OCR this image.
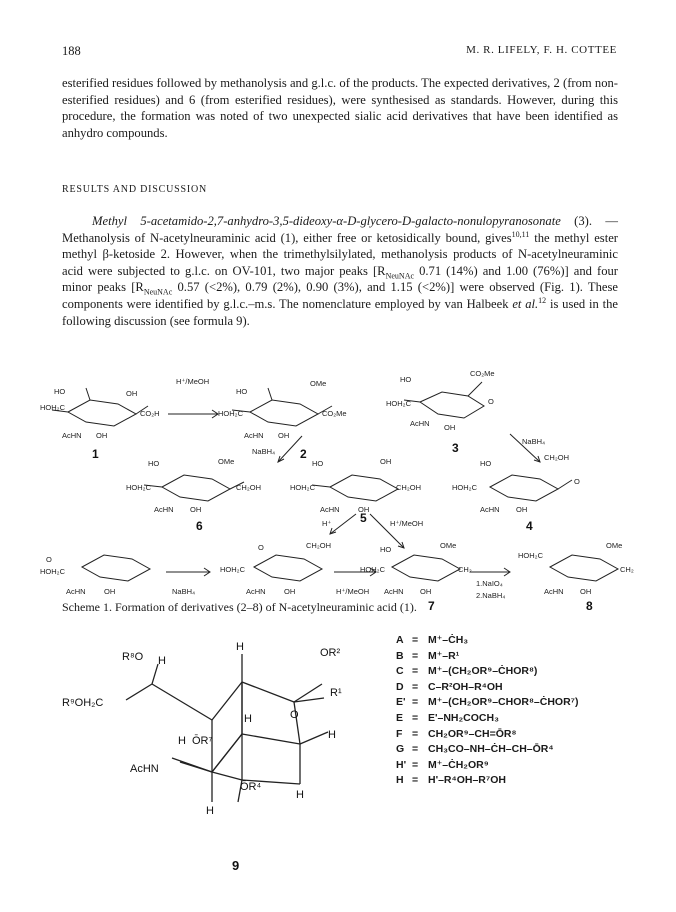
188	M. R. LIFELY, F. H. COTTEE

esterified residues followed by methanolysis and g.l.c. of the products. The expected derivatives, 2 (from non-esterified residues) and 6 (from esterified residues), were synthesised as standards. However, during this procedure, the formation was noted of two unexpected sialic acid derivatives that have been identified as anhydro compounds.

RESULTS AND DISCUSSION

Methyl 5-acetamido-2,7-anhydro-3,5-dideoxy-α-D-glycero-D-galacto-nonulopyranosonate (3). — Methanolysis of N-acetylneuraminic acid (1), either free or ketosidically bound, gives$^{10,11}$ the methyl ester methyl β-ketoside 2. However, when the trimethylsilylated, methanolysis products of N-acetylneuraminic acid were subjected to g.l.c. on OV-101, two major peaks [$R_{NeuNAc}$ 0.71 (14%) and 1.00 (76%)] and four minor peaks [$R_{NeuNAc}$ 0.57 (<2%), 0.79 (2%), 0.90 (3%), and 1.15 (<2%)] were observed (Fig. 1). These components were identified by g.l.c.–m.s. The nomenclature employed by van Halbeek et al.$^{12}$ is used in the following discussion (see formula 9).

HO
HOH₂C
AcHN OH
CO₂H
OH
H⁺/MeOH
HO
HOH₂C
AcHN OH
OMe
CO₂Me
HO
HOH₂C
AcHN OH
CO₂Me
O
NaBH₄
NaBH₄
HO
HOH₂C
AcHN OH
OMe
CH₂OH
HO
HOH₂C
AcHN OH
OH
CH₂OH
HO
HOH₂C
AcHN OH
CH₂OH
O
H⁺	H⁺/MeOH
O
HOH₂C
AcHN OH	NaBH₄
O
HOH₂C
AcHN OH
CH₂OH
H⁺/MeOH
HO
HOH₂C
AcHN OH
OMe
CH₂
1.NaIO₄
2.NaBH₄
HOH₂C
AcHN OH
OMe
CH₂
1	2	3
6
5
4
7	8

Scheme 1. Formation of derivatives (2–8) of N-acetylneuraminic acid (1).

R⁸O H
R⁹OH₂C
H	OR²
R¹
O
H ŌR⁷
H
AcHN
ŌR⁴
H
H
H
9
A = M⁺–ĊH₃
B = M⁺–R¹
C = M⁺–(CH₂OR⁹–ĊHOR⁸)
D = C–R²OH–R⁴OH
E' = M⁺–(CH₂OR⁹–CHOR⁸–ĊHOR⁷)
E = E'–NH₂COCH₃
F = CH₂OR⁹–CH=ŌR⁸
G = CH₃CO–NH–ĊH–CH–ŌR⁴
H' = M⁺–ĊH₂OR⁹
H = H'–R⁴OH–R⁷OH
